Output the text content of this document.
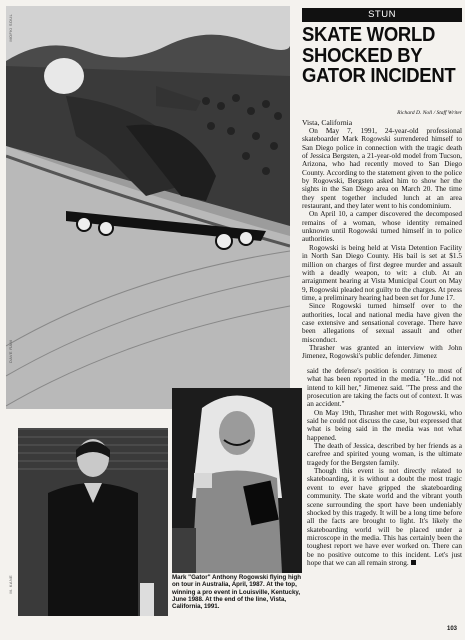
MOFKI SOUL
DAVE RAM
M. KANE	Mark "Gator" Anthony Rogowski flying high on tour in Australia, April, 1987. At the top, winning a pro event in Louisville, Kentucky, June 1988. At the end of the line, Vista, California, 1991.
STUN
SKATE WORLD SHOCKED BY GATOR INCIDENT
Richard D. Noll / Staff Writer
Vista, California

On May 7, 1991, 24-year-old professional skateboarder Mark Rogowski surrendered himself to San Diego police in connection with the tragic death of Jessica Bergsten, a 21-year-old model from Tucson, Arizona, who had recently moved to San Diego County. According to the statement given to the police by Rogowski, Bergsten asked him to show her the sights in the San Diego area on March 20. The time they spent together included lunch at an area restaurant, and they later went to his condominium.

On April 10, a camper discovered the decomposed remains of a woman, whose identity remained unknown until Rogowski turned himself in to police authorities.

Rogowski is being held at Vista Detention Facility in North San Diego County. His bail is set at $1.5 million on charges of first degree murder and assault with a deadly weapon, to wit: a club. At an arraignment hearing at Vista Municipal Court on May 9, Rogowski pleaded not guilty to the charges. At press time, a preliminary hearing had been set for June 17.

Since Rogowski turned himself over to the authorities, local and national media have given the case extensive and sensational coverage. There have been allegations of sexual assault and other misconduct.

Thrasher was granted an interview with John Jimenez, Rogowski's public defender. Jimenez

said the defense's position is contrary to most of what has been reported in the media. "He...did not intend to kill her," Jimenez said. "The press and the prosecution are taking the facts out of context. It was an accident."

On May 19th, Thrasher met with Rogowski, who said he could not discuss the case, but expressed that what is being said in the media was not what happened.

The death of Jessica, described by her friends as a carefree and spirited young woman, is the ultimate tragedy for the Bergsten family.

Though this event is not directly related to skateboarding, it is without a doubt the most tragic event to ever have gripped the skateboarding community. The skate world and the vibrant youth scene surrounding the sport have been undeniably shocked by this tragedy. It will be a long time before all the facts are brought to light. It's likely the skateboarding world will be placed under a microscope in the media. This has certainly been the toughest report we have ever worked on. There can be no positive outcome to this incident. Let's just hope that we can all remain strong.

103
